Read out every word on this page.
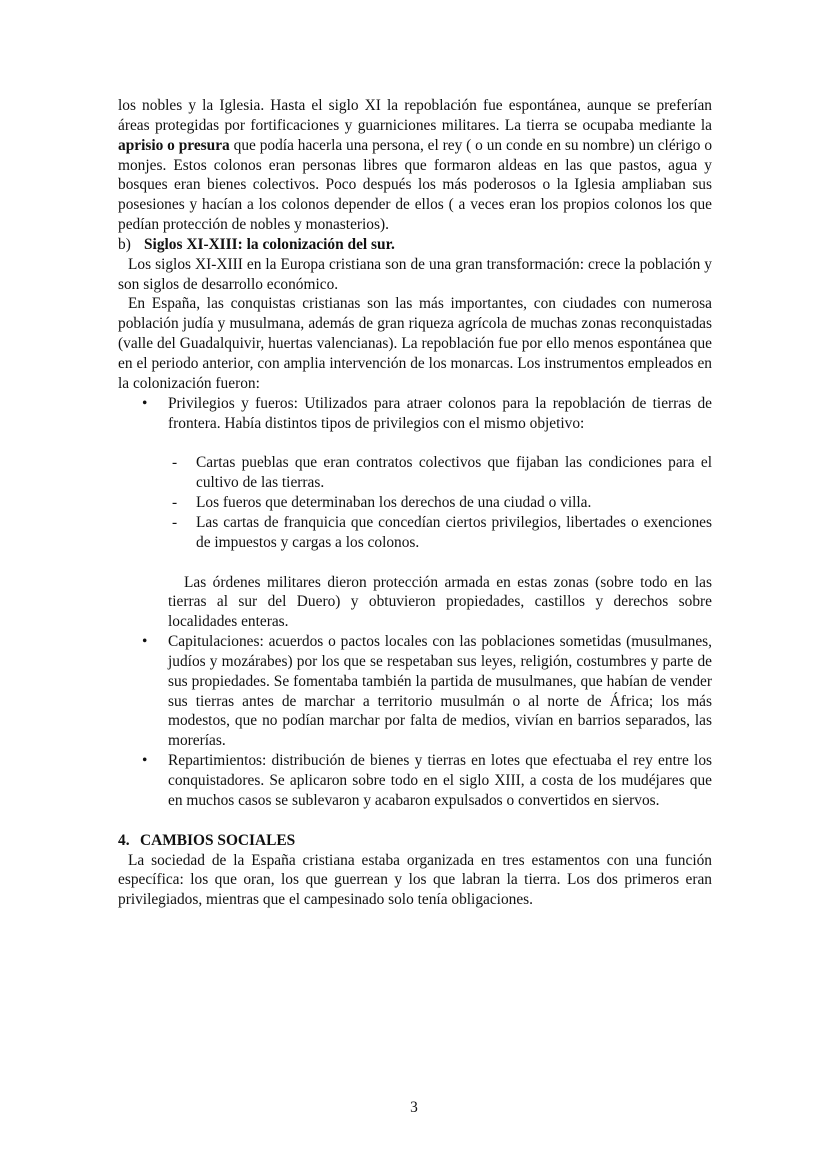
los nobles y la Iglesia. Hasta el siglo XI la repoblación fue espontánea, aunque se preferían áreas protegidas por fortificaciones y guarniciones militares. La tierra se ocupaba mediante la aprisio o presura que podía hacerla una persona, el rey ( o un conde en su nombre) un clérigo o monjes. Estos colonos eran personas libres que formaron aldeas en las que pastos, agua y bosques eran bienes colectivos. Poco después los más poderosos o la Iglesia ampliaban sus posesiones y hacían a los colonos depender de ellos ( a veces eran los propios colonos los que pedían protección de nobles y monasterios).

b) Siglos XI-XIII: la colonización del sur.

Los siglos XI-XIII en la Europa cristiana son de una gran transformación: crece la población y son siglos de desarrollo económico.

En España, las conquistas cristianas son las más importantes, con ciudades con numerosa población judía y musulmana, además de gran riqueza agrícola de muchas zonas reconquistadas (valle del Guadalquivir, huertas valencianas). La repoblación fue por ello menos espontánea que en el periodo anterior, con amplia intervención de los monarcas. Los instrumentos empleados en la colonización fueron:

• Privilegios y fueros: Utilizados para atraer colonos para la repoblación de tierras de frontera. Había distintos tipos de privilegios con el mismo objetivo:

- Cartas pueblas que eran contratos colectivos que fijaban las condiciones para el cultivo de las tierras.

- Los fueros que determinaban los derechos de una ciudad o villa.

- Las cartas de franquicia que concedían ciertos privilegios, libertades o exenciones de impuestos y cargas a los colonos.

Las órdenes militares dieron protección armada en estas zonas (sobre todo en las tierras al sur del Duero) y obtuvieron propiedades, castillos y derechos sobre localidades enteras.

• Capitulaciones: acuerdos o pactos locales con las poblaciones sometidas (musulmanes, judíos y mozárabes) por los que se respetaban sus leyes, religión, costumbres y parte de sus propiedades. Se fomentaba también la partida de musulmanes, que habían de vender sus tierras antes de marchar a territorio musulmán o al norte de África; los más modestos, que no podían marchar por falta de medios, vivían en barrios separados, las morerías.

• Repartimientos: distribución de bienes y tierras en lotes que efectuaba el rey entre los conquistadores. Se aplicaron sobre todo en el siglo XIII, a costa de los mudéjares que en muchos casos se sublevaron y acabaron expulsados o convertidos en siervos.

4. CAMBIOS SOCIALES

La sociedad de la España cristiana estaba organizada en tres estamentos con una función específica: los que oran, los que guerrean y los que labran la tierra. Los dos primeros eran privilegiados, mientras que el campesinado solo tenía obligaciones.

3
